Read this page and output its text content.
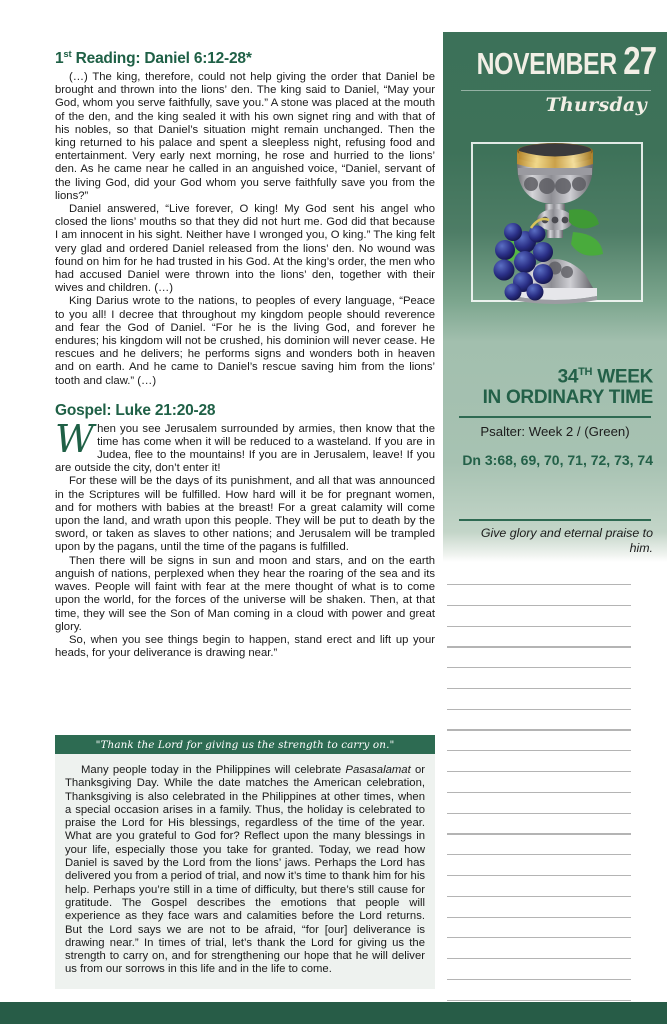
1st Reading: Daniel 6:12-28*

(…) The king, therefore, could not help giving the order that Daniel be brought and thrown into the lions’ den. The king said to Daniel, “May your God, whom you serve faithfully, save you.” A stone was placed at the mouth of the den, and the king sealed it with his own signet ring and with that of his nobles, so that Daniel’s situation might remain unchanged. Then the king returned to his palace and spent a sleepless night, refusing food and entertainment. Very early next morning, he rose and hurried to the lions’ den. As he came near he called in an anguished voice, “Daniel, servant of the living God, did your God whom you serve faithfully save you from the lions?”

Daniel answered, “Live forever, O king! My God sent his angel who closed the lions’ mouths so that they did not hurt me. God did that because I am innocent in his sight. Neither have I wronged you, O king.” The king felt very glad and ordered Daniel released from the lions’ den. No wound was found on him for he had trusted in his God. At the king’s order, the men who had accused Daniel were thrown into the lions’ den, together with their wives and children. (…)

King Darius wrote to the nations, to peoples of every language, “Peace to you all! I decree that throughout my kingdom people should reverence and fear the God of Daniel. “For he is the living God, and forever he endures; his kingdom will not be crushed, his dominion will never cease. He rescues and he delivers; he performs signs and wonders both in heaven and on earth. And he came to Daniel’s rescue saving him from the lions’ tooth and claw.” (…)

Gospel: Luke 21:20-28
W hen you see Jerusalem surrounded by armies, then know that the time has come when it will be reduced to a wasteland. If you are in Judea, flee to the mountains! If you are in Jerusalem, leave! If you are outside the city, don’t enter it!

For these will be the days of its punishment, and all that was announced in the Scriptures will be fulfilled. How hard will it be for pregnant women, and for mothers with babies at the breast! For a great calamity will come upon the land, and wrath upon this people. They will be put to death by the sword, or taken as slaves to other nations; and Jerusalem will be trampled upon by the pagans, until the time of the pagans is fulfilled.

Then there will be signs in sun and moon and stars, and on the earth anguish of nations, perplexed when they hear the roaring of the sea and its waves. People will faint with fear at the mere thought of what is to come upon the world, for the forces of the universe will be shaken. Then, at that time, they will see the Son of Man coming in a cloud with power and great glory.

So, when you see things begin to happen, stand erect and lift up your heads, for your deliverance is drawing near.”

"Thank the Lord for giving us the strength to carry on."

Many people today in the Philippines will celebrate Pasasalamat or Thanksgiving Day. While the date matches the American celebration, Thanksgiving is also celebrated in the Philippines at other times, when a special occasion arises in a family. Thus, the holiday is celebrated to praise the Lord for His blessings, regardless of the time of the year. What are you grateful to God for? Reflect upon the many blessings in your life, especially those you take for granted. Today, we read how Daniel is saved by the Lord from the lions’ jaws. Perhaps the Lord has delivered you from a period of trial, and now it’s time to thank him for his help. Perhaps you’re still in a time of difficulty, but there’s still cause for gratitude. The Gospel describes the emotions that people will experience as they face wars and calamities before the Lord returns. But the Lord says we are not to be afraid, “for [our] deliverance is drawing near.” In times of trial, let’s thank the Lord for giving us the strength to carry on, and for strengthening our hope that he will deliver us from our sorrows in this life and in the life to come.

NOVEMBER 27
Thursday
34TH WEEK
IN ORDINARY TIME
Psalter: Week 2 / (Green)
Dn 3:68, 69, 70, 71, 72, 73, 74
Give glory and eternal praise to him.
